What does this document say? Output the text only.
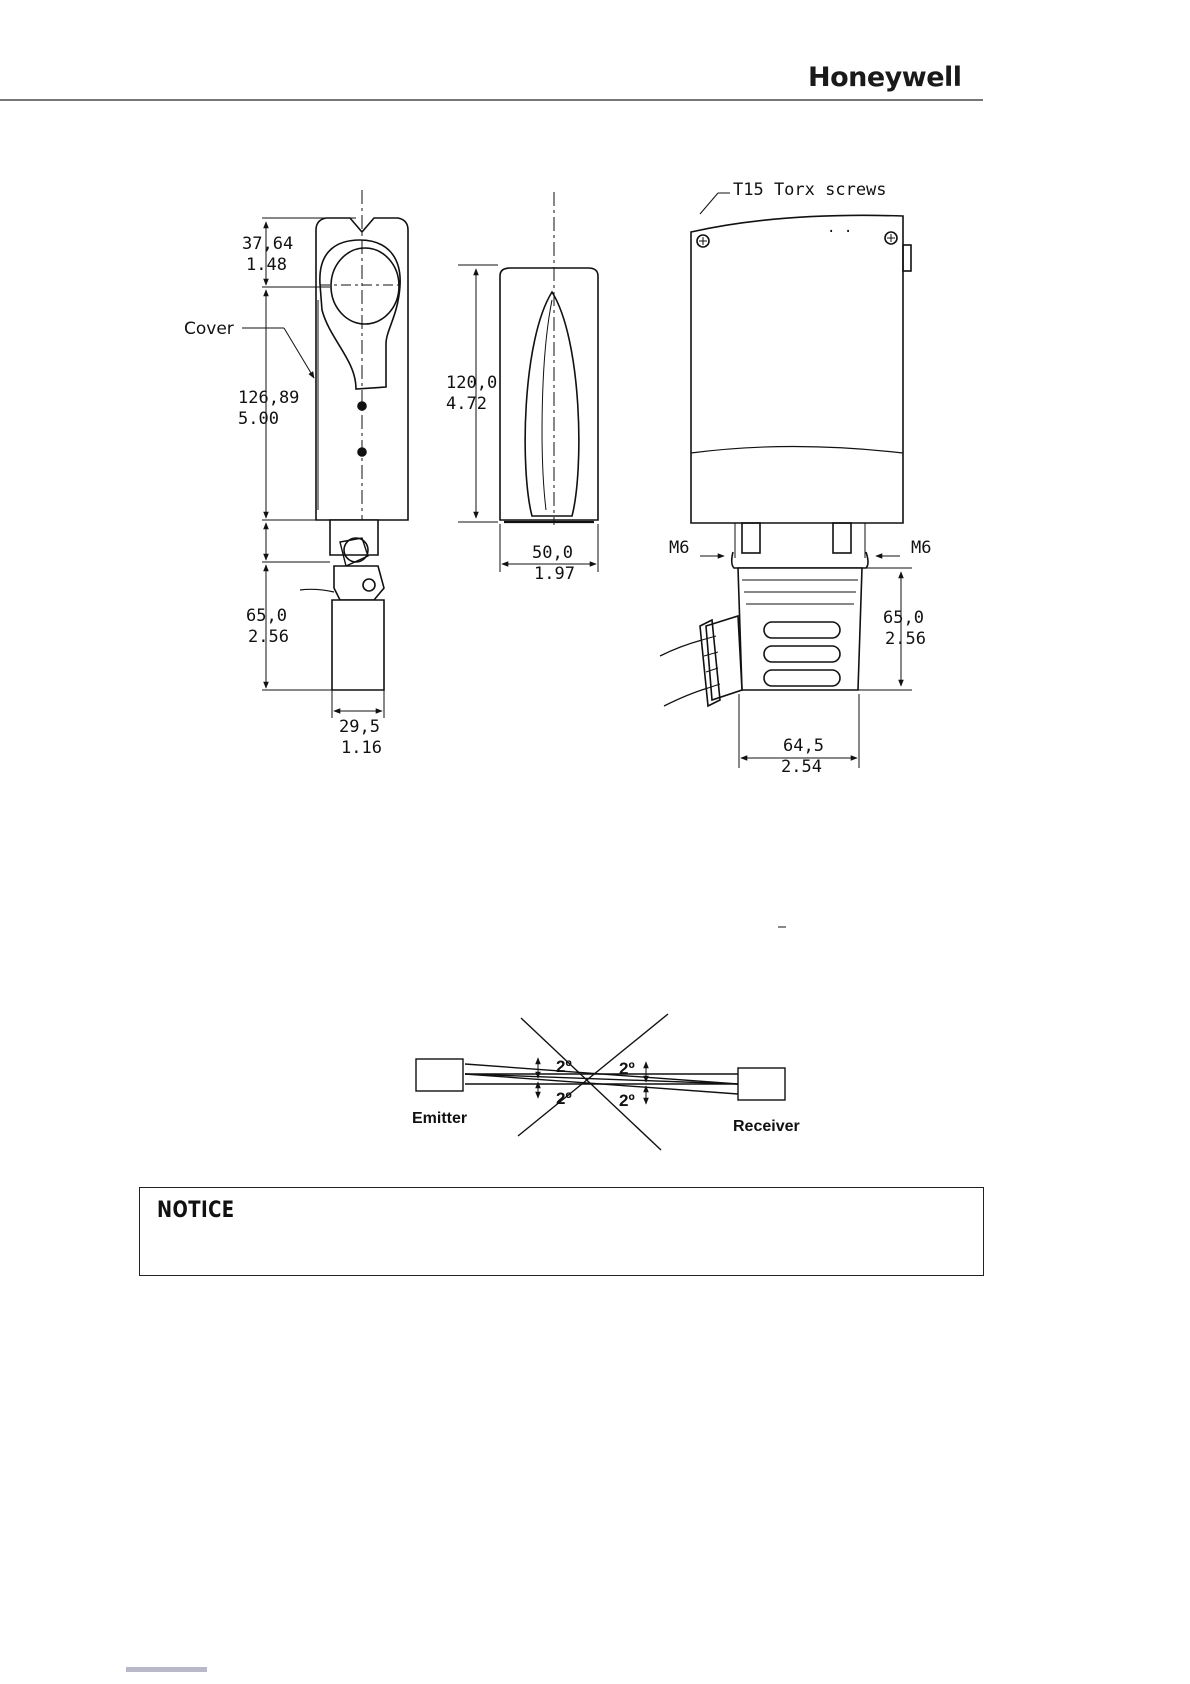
Honeywell
Cover
37,64
1.48
126,89
5.00
65,0
2.56
29,5
1.16
120,0
4.72
50,0
1.97
. .
T15 Torx screws
M6	M6
65,0
2.56
64,5
2.54
2º	2º
2º	2º
Emitter	Receiver
NOTICE
